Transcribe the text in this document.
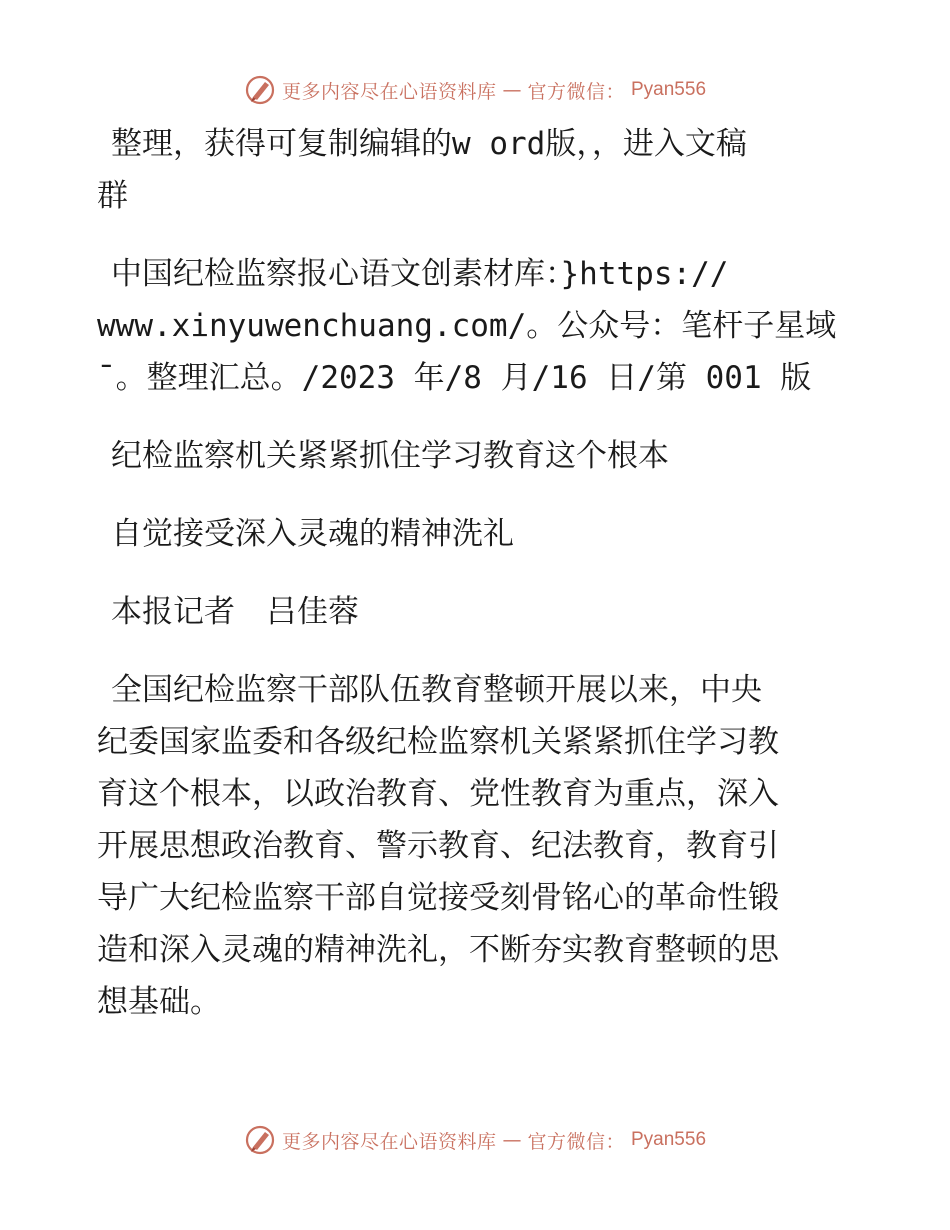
更多内容尽在心语资料库 — 官方微信： Pyan556

整理，获得可复制编辑的w ord版，，进入文稿

群

中国纪检监察报心语文创素材库：}https://

www.xinyuwenchuang.com/。公众号：笔杆子星域

¯。整理汇总。/2023 年/8 月/16 日/第 001 版

纪检监察机关紧紧抓住学习教育这个根本

自觉接受深入灵魂的精神洗礼

本报记者　吕佳蓉

全国纪检监察干部队伍教育整顿开展以来，中央

纪委国家监委和各级纪检监察机关紧紧抓住学习教

育这个根本，以政治教育、党性教育为重点，深入

开展思想政治教育、警示教育、纪法教育，教育引

导广大纪检监察干部自觉接受刻骨铭心的革命性锻

造和深入灵魂的精神洗礼，不断夯实教育整顿的思

想基础。

更多内容尽在心语资料库 — 官方微信： Pyan556
